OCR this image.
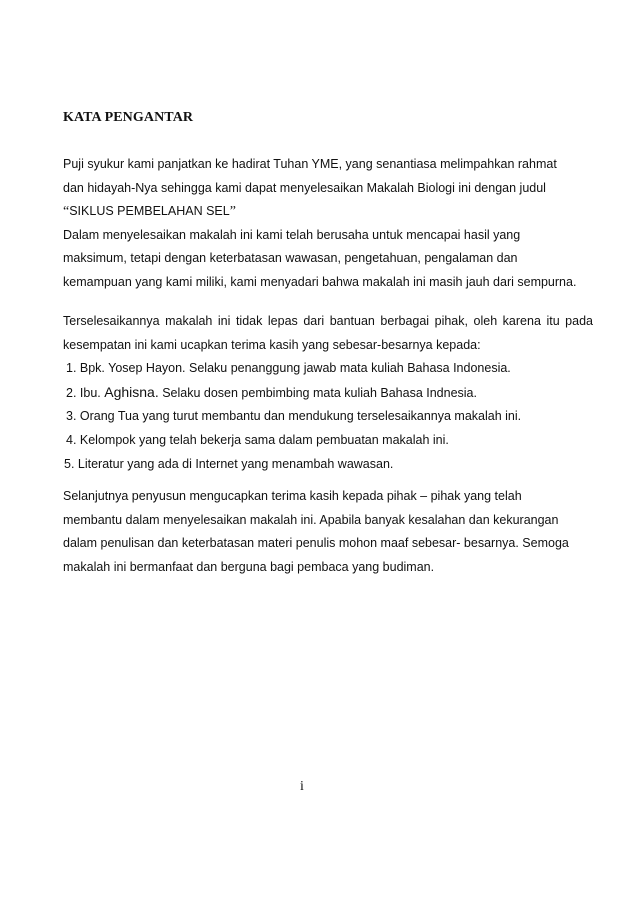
KATA PENGANTAR
Puji syukur kami panjatkan ke hadirat Tuhan YME, yang senantiasa melimpahkan rahmat
dan hidayah-Nya sehingga kami dapat menyelesaikan Makalah Biologi ini dengan judul
“SIKLUS PEMBELAHAN SEL”
Dalam menyelesaikan makalah ini kami telah berusaha untuk mencapai hasil yang
maksimum, tetapi dengan keterbatasan wawasan, pengetahuan, pengalaman dan
kemampuan yang kami miliki, kami menyadari bahwa makalah ini masih jauh dari sempurna.
Terselesaikannya makalah ini tidak lepas dari bantuan berbagai pihak, oleh karena itu pada
kesempatan ini kami ucapkan terima kasih yang sebesar-besarnya kepada:
1. Bpk. Yosep Hayon. Selaku penanggung jawab mata kuliah Bahasa Indonesia.
2. Ibu. Aghisna. Selaku dosen pembimbing mata kuliah Bahasa Indnesia.
3. Orang Tua yang turut membantu dan mendukung terselesaikannya makalah ini.
4. Kelompok yang telah bekerja sama dalam pembuatan makalah ini.
5. Literatur yang ada di Internet yang menambah wawasan.
Selanjutnya penyusun mengucapkan terima kasih kepada pihak – pihak yang telah
membantu dalam menyelesaikan makalah ini. Apabila banyak kesalahan dan kekurangan
dalam penulisan dan keterbatasan materi penulis mohon maaf sebesar- besarnya. Semoga
makalah ini bermanfaat dan berguna bagi pembaca yang budiman.
i
